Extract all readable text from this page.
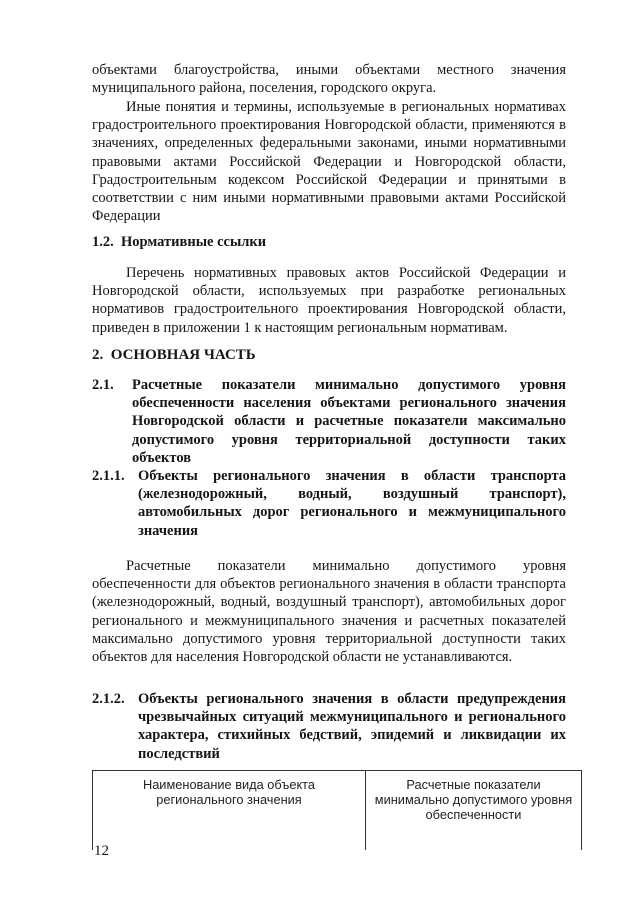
объектами благоустройства, иными объектами местного значения муниципального района, поселения, городского округа.

Иные понятия и термины, используемые в региональных нормативах градостроительного проектирования Новгородской области, применяются в значениях, определенных федеральными законами, иными нормативными правовыми актами Российской Федерации и Новгородской области, Градостроительным кодексом Российской Федерации и принятыми в соответствии с ним иными нормативными правовыми актами Российской Федерации

1.2. Нормативные ссылки

Перечень нормативных правовых актов Российской Федерации и Новгородской области, используемых при разработке региональных нормативов градостроительного проектирования Новгородской области, приведен в приложении 1 к настоящим региональным нормативам.

2. ОСНОВНАЯ ЧАСТЬ
2.1.	Расчетные показатели минимально допустимого уровня обеспеченности населения объектами регионального значения Новгородской области и расчетные показатели максимально допустимого уровня территориальной доступности таких объектов
2.1.1. Объекты регионального значения в области транспорта (железнодорожный, водный, воздушный транспорт), автомобильных дорог регионального и межмуниципального значения

Расчетные показатели минимально допустимого уровня обеспеченности для объектов регионального значения в области транспорта (железнодорожный, водный, воздушный транспорт), автомобильных дорог регионального и межмуниципального значения и расчетных показателей максимально допустимого уровня территориальной доступности таких объектов для населения Новгородской области не устанавливаются.

2.1.2. Объекты регионального значения в области предупреждения чрезвычайных ситуаций межмуниципального и регионального характера, стихийных бедствий, эпидемий и ликвидации их последствий
Наименование вида объекта регионального значения	Расчетные показатели минимально допустимого уровня обеспеченности
12
